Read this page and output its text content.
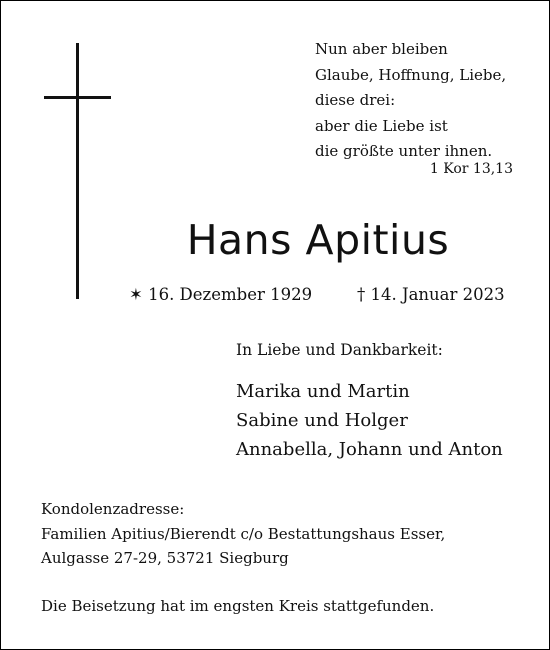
Nun aber bleiben
Glaube, Hoffnung, Liebe,
diese drei:
aber die Liebe ist
die größte unter ihnen.
1 Kor 13,13
Hans Apitius
✶ 16. Dezember 1929	† 14. Januar 2023
In Liebe und Dankbarkeit:
Marika und Martin
Sabine und Holger
Annabella, Johann und Anton
Kondolenzadresse:
Familien Apitius/Bierendt c/o Bestattungshaus Esser,
Aulgasse 27-29, 53721 Siegburg
Die Beisetzung hat im engsten Kreis stattgefunden.
